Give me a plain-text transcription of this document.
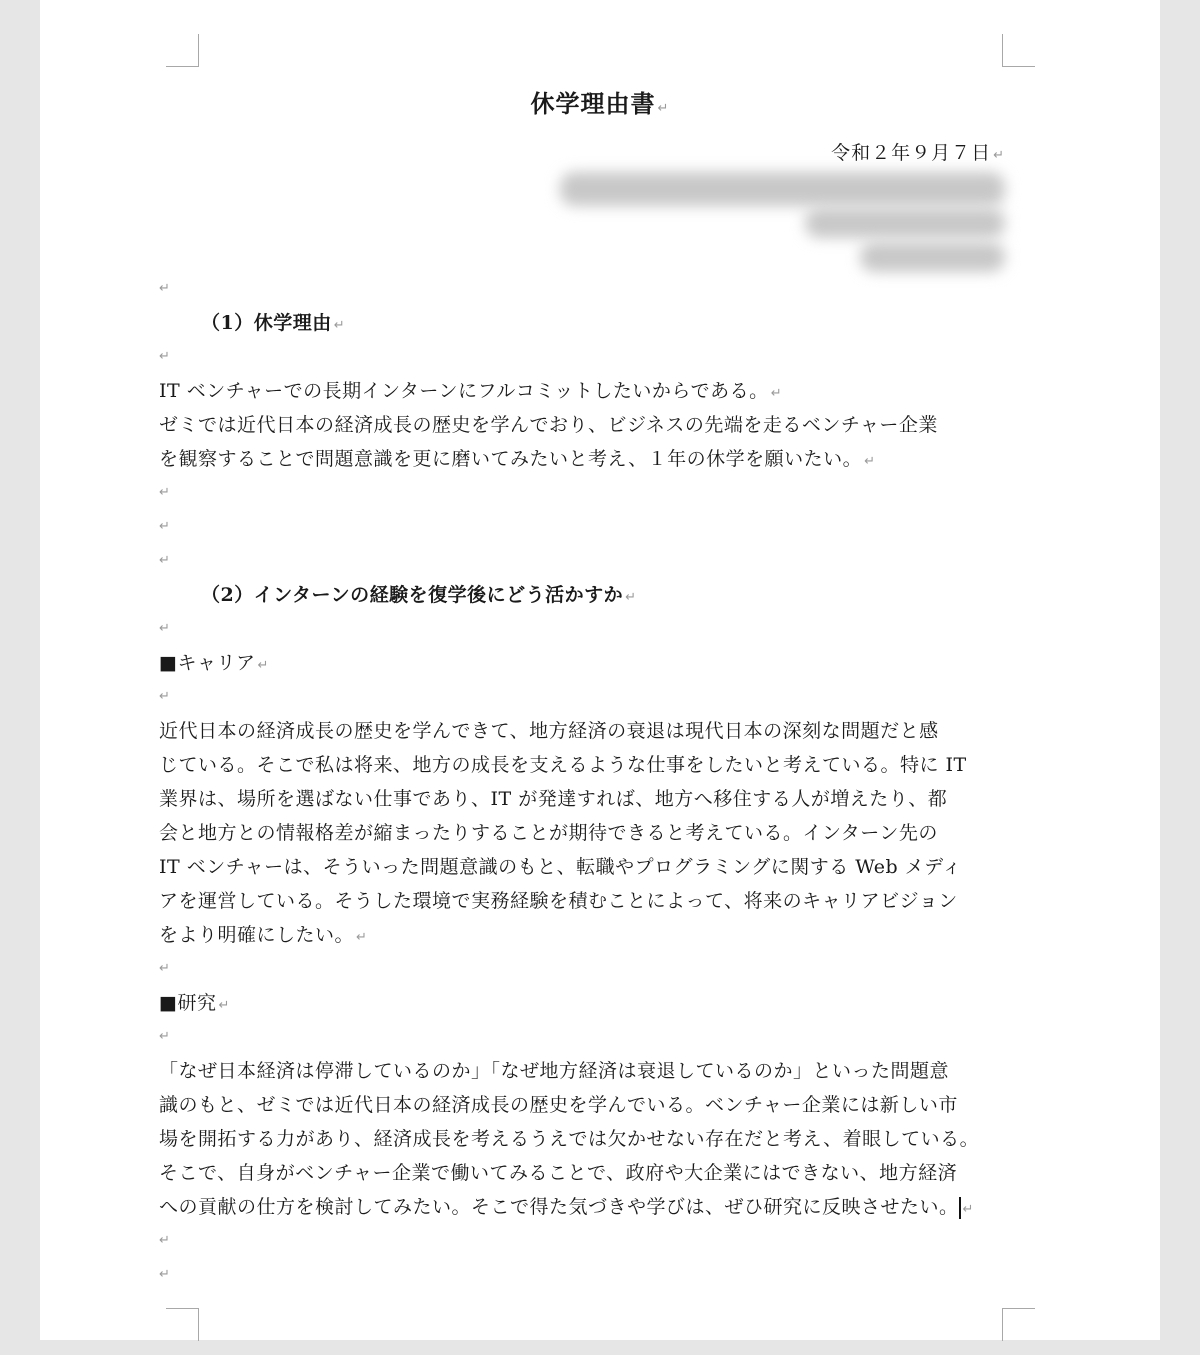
休学理由書 ↵
令和２年９月７日 ↵
↵
（1）休学理由 ↵
↵
IT ベンチャーでの長期インターンにフルコミットしたいからである。 ↵
ゼミでは近代日本の経済成長の歴史を学んでおり、ビジネスの先端を走るベンチャー企業
を観察することで問題意識を更に磨いてみたいと考え、１年の休学を願いたい。 ↵
↵
↵
↵
（2）インターンの経験を復学後にどう活かすか ↵
↵
■キャリア ↵
↵
近代日本の経済成長の歴史を学んできて、地方経済の衰退は現代日本の深刻な問題だと感
じている。そこで私は将来、地方の成長を支えるような仕事をしたいと考えている。特に IT
業界は、場所を選ばない仕事であり、IT が発達すれば、地方へ移住する人が増えたり、都
会と地方との情報格差が縮まったりすることが期待できると考えている。インターン先の
IT ベンチャーは、そういった問題意識のもと、転職やプログラミングに関する Web メディ
アを運営している。そうした環境で実務経験を積むことによって、将来のキャリアビジョン
をより明確にしたい。 ↵
↵
■研究 ↵
↵
「なぜ日本経済は停滞しているのか」「なぜ地方経済は衰退しているのか」といった問題意
識のもと、ゼミでは近代日本の経済成長の歴史を学んでいる。ベンチャー企業には新しい市
場を開拓する力があり、経済成長を考えるうえでは欠かせない存在だと考え、着眼している。
そこで、自身がベンチャー企業で働いてみることで、政府や大企業にはできない、地方経済
への貢献の仕方を検討してみたい。そこで得た気づきや学びは、ぜひ研究に反映させたい。 ↵
↵
↵
